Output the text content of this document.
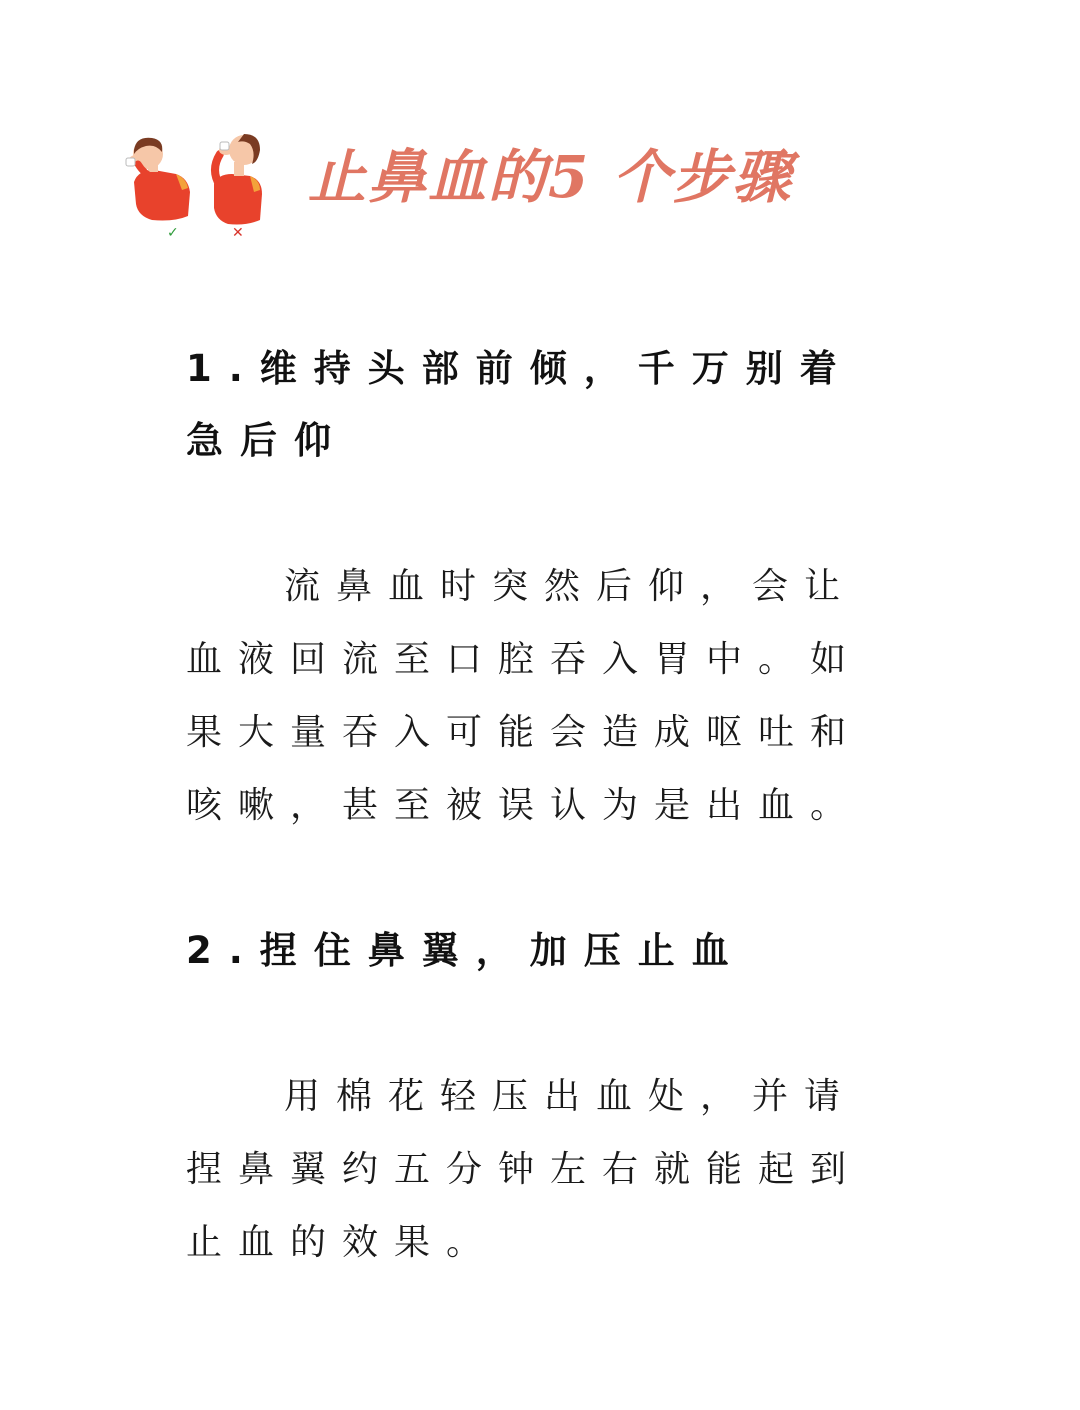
✓	✕
止鼻血的5 个步骤
1.维持头部前倾，千万别着急后仰
流鼻血时突然后仰，会让血液回流至口腔吞入胃中。如果大量吞入可能会造成呕吐和咳嗽，甚至被误认为是出血。
2.捏住鼻翼，加压止血
用棉花轻压出血处，并请捏鼻翼约五分钟左右就能起到止血的效果。
